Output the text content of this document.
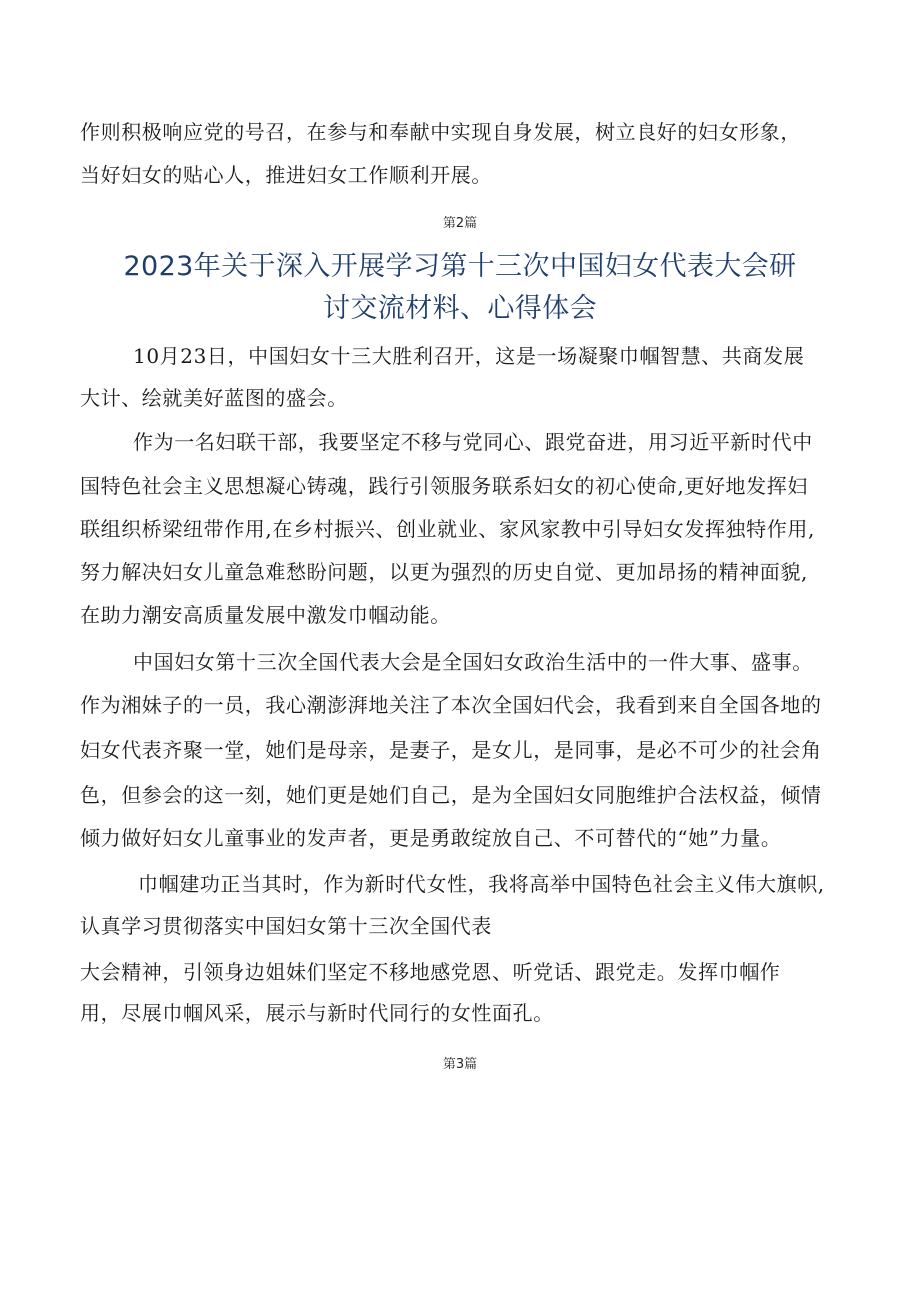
作则积极响应党的号召，在参与和奉献中实现自身发展，树立良好的妇女形象，
当好妇女的贴心人，推进妇女工作顺利开展。
第2篇
2023年关于深入开展学习第十三次中国妇女代表大会研
讨交流材料、心得体会
10月23日，中国妇女十三大胜利召开，这是一场凝聚巾帼智慧、共商发展
大计、绘就美好蓝图的盛会。
作为一名妇联干部，我要坚定不移与党同心、跟党奋进，用习近平新时代中
国特色社会主义思想凝心铸魂，践行引领服务联系妇女的初心使命,更好地发挥妇
联组织桥梁纽带作用,在乡村振兴、创业就业、家风家教中引导妇女发挥独特作用,
努力解决妇女儿童急难愁盼问题，以更为强烈的历史自觉、更加昂扬的精神面貌,
在助力潮安高质量发展中激发巾帼动能。
中国妇女第十三次全国代表大会是全国妇女政治生活中的一件大事、盛事。
作为湘妹子的一员，我心潮澎湃地关注了本次全国妇代会，我看到来自全国各地的
妇女代表齐聚一堂，她们是母亲，是妻子，是女儿，是同事，是必不可少的社会角
色，但参会的这一刻，她们更是她们自己，是为全国妇女同胞维护合法权益，倾情
倾力做好妇女儿童事业的发声者，更是勇敢绽放自己、不可替代的“她”力量。
巾帼建功正当其时，作为新时代女性，我将高举中国特色社会主义伟大旗帜,
认真学习贯彻落实中国妇女第十三次全国代表
大会精神，引领身边姐妹们坚定不移地感党恩、听党话、跟党走。发挥巾帼作
用，尽展巾帼风采，展示与新时代同行的女性面孔。
第3篇
